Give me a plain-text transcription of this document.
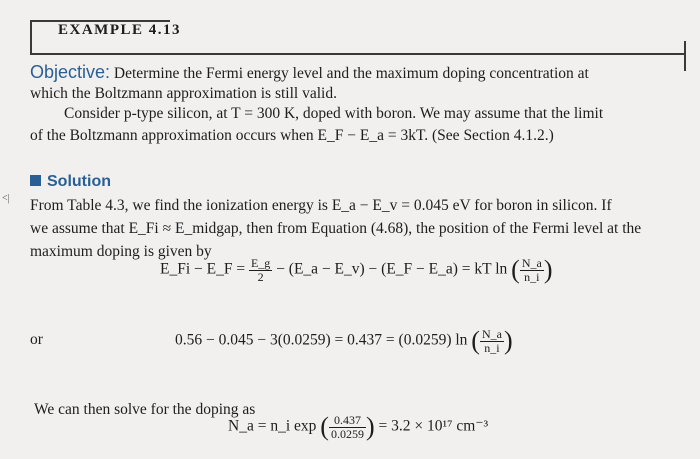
EXAMPLE 4.13
Objective: Determine the Fermi energy level and the maximum doping concentration at
which the Boltzmann approximation is still valid.
Consider p-type silicon, at T = 300 K, doped with boron. We may assume that the limit
of the Boltzmann approximation occurs when E_F − E_a = 3kT. (See Section 4.1.2.)
<|
Solution
From Table 4.3, we find the ionization energy is E_a − E_v = 0.045 eV for boron in silicon. If
we assume that E_Fi ≈ E_midgap, then from Equation (4.68), the position of the Fermi level at the
maximum doping is given by
E_Fi − E_F = $\frac{E\_g}{2}$ − (E_a − E_v) − (E_F − E_a) = kT ln ( $\frac{N\_a}{n\_i}$ )
or	0.56 − 0.045 − 3(0.0259) = 0.437 = (0.0259) ln ( $\frac{N\_a}{n\_i}$ )
We can then solve for the doping as
N_a = n_i exp ( $\frac{0.437}{0.0259}$ ) = 3.2 × 10¹⁷ cm⁻³
